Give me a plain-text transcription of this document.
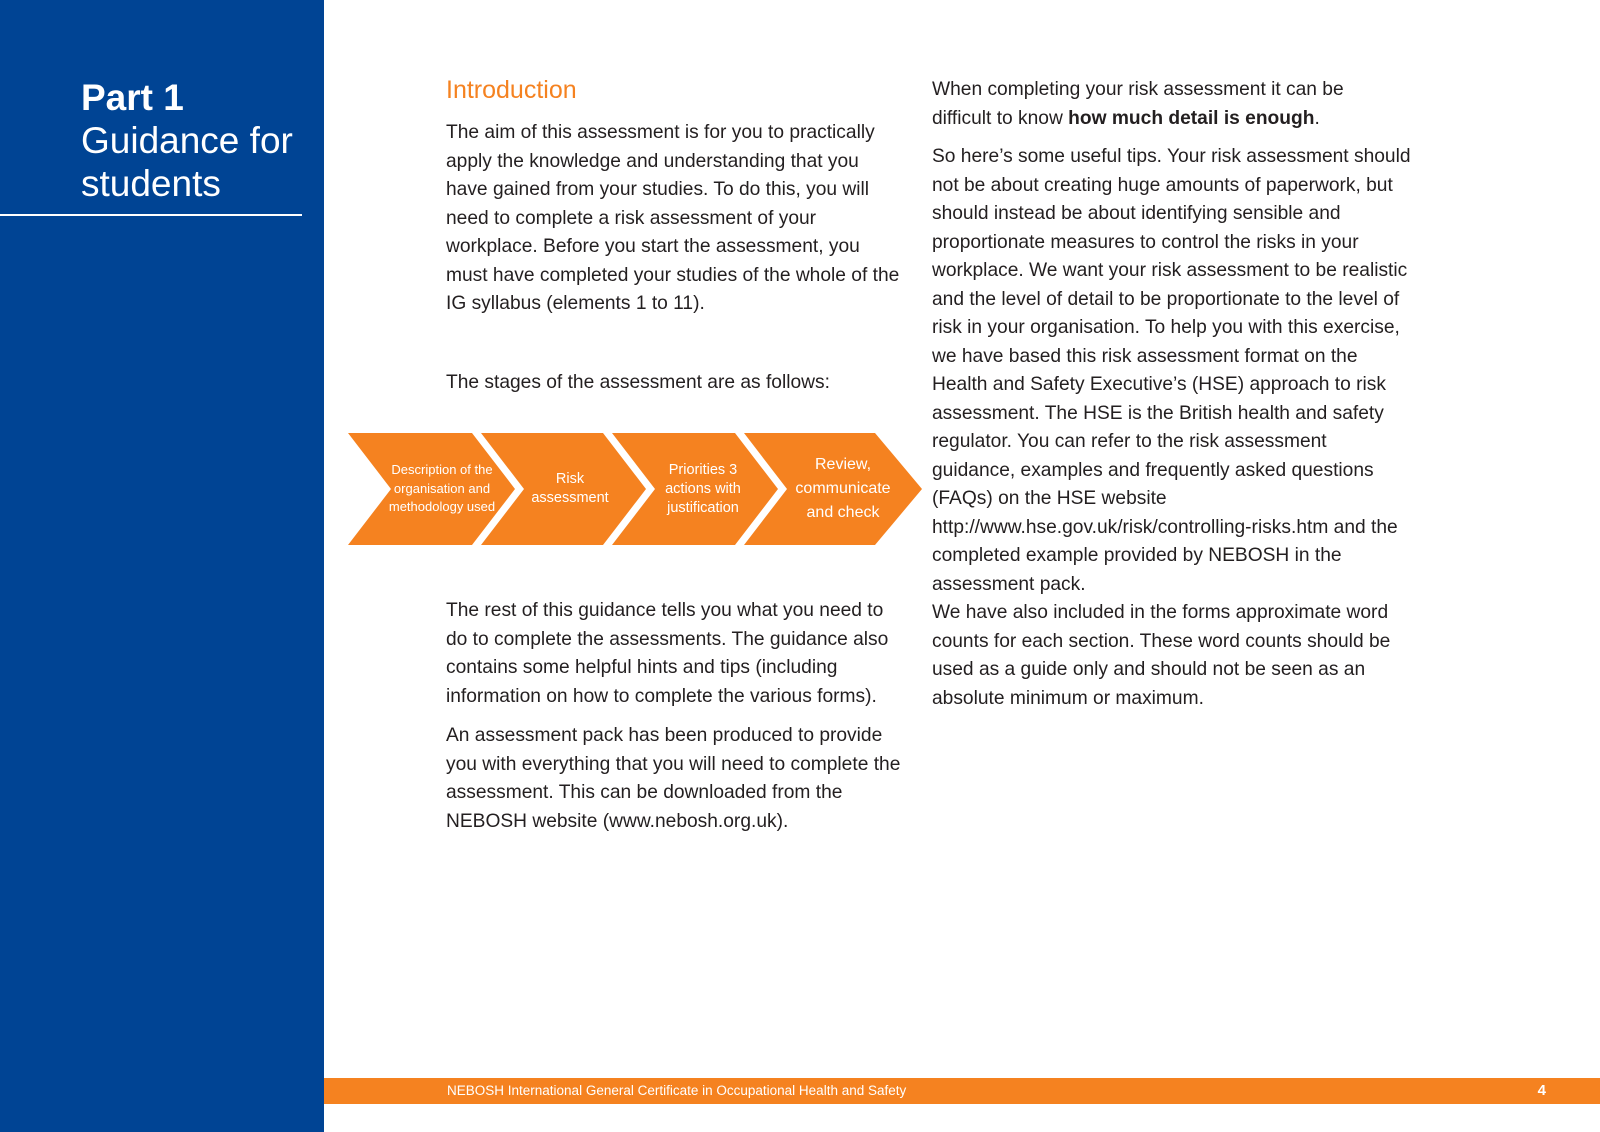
Part 1
Guidance for
students
Introduction

The aim of this assessment is for you to practically apply the knowledge and understanding that you have gained from your studies. To do this, you will need to complete a risk assessment of your workplace. Before you start the assessment, you must have completed your studies of the whole of the IG syllabus (elements 1 to 11).

The stages of the assessment are as follows:

Description of the organisation and methodology used
Risk assessment
Priorities 3 actions with justification
Review, communicate and check

The rest of this guidance tells you what you need to do to complete the assessments. The guidance also contains some helpful hints and tips (including information on how to complete the various forms).

An assessment pack has been produced to provide you with everything that you will need to complete the assessment. This can be downloaded from the NEBOSH website (www.nebosh.org.uk).

When completing your risk assessment it can be difficult to know how much detail is enough.

So here’s some useful tips. Your risk assessment should not be about creating huge amounts of paperwork, but should instead be about identifying sensible and proportionate measures to control the risks in your workplace. We want your risk assessment to be realistic and the level of detail to be proportionate to the level of risk in your organisation. To help you with this exercise, we have based this risk assessment format on the Health and Safety Executive’s (HSE) approach to risk assessment. The HSE is the British health and safety regulator. You can refer to the risk assessment guidance, examples and frequently asked questions (FAQs) on the HSE website http://www.hse.gov.uk/risk/controlling-risks.htm and the completed example provided by NEBOSH in the assessment pack.

We have also included in the forms approximate word counts for each section. These word counts should be used as a guide only and should not be seen as an absolute minimum or maximum.

NEBOSH International General Certificate in Occupational Health and Safety	4
